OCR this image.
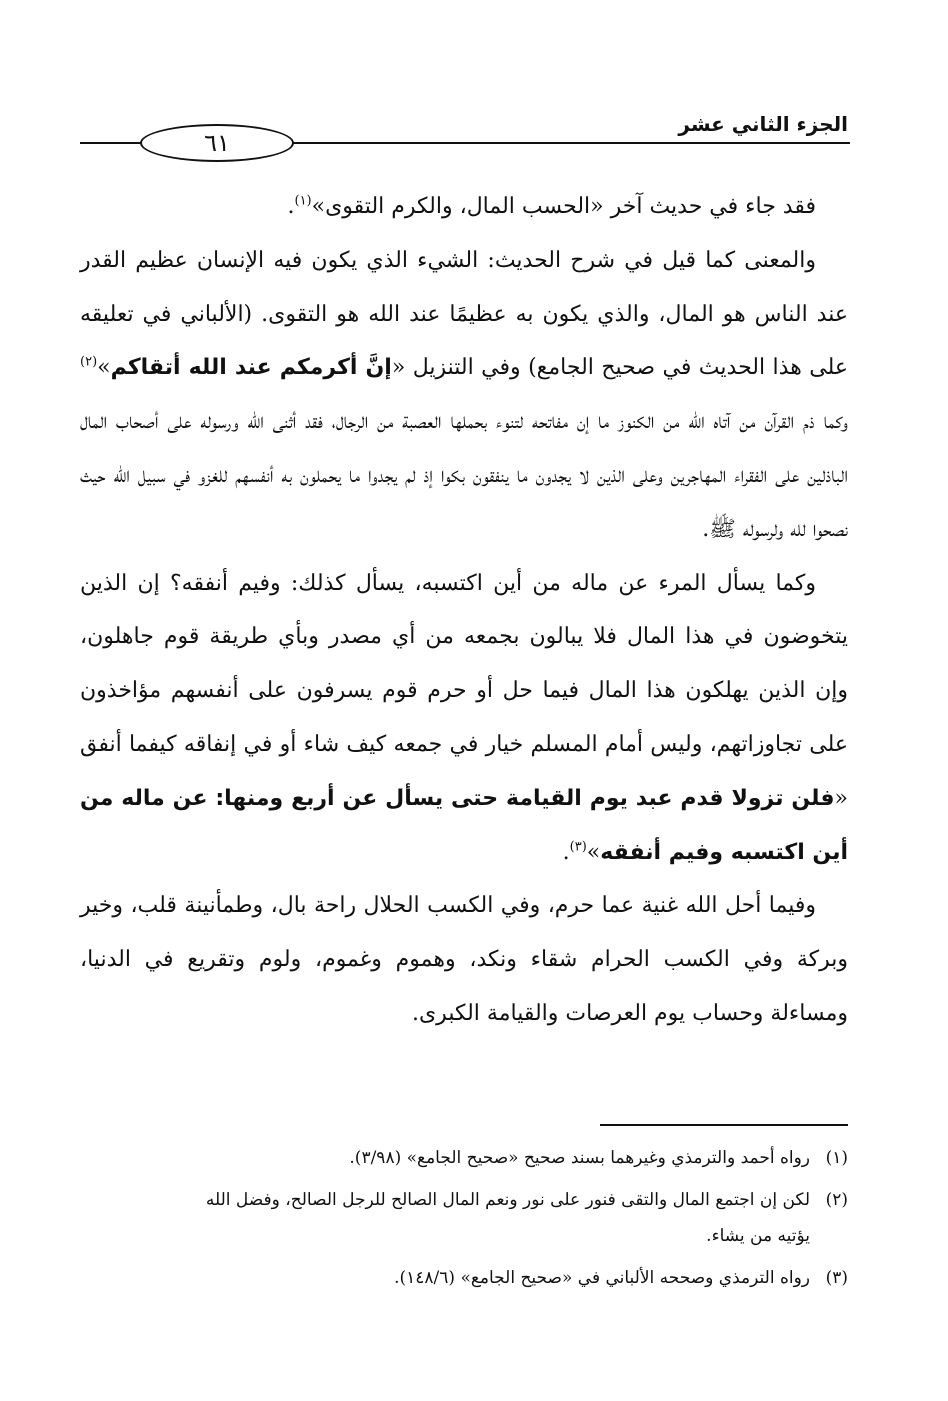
الجزء الثاني عشر
٦١

فقد جاء في حديث آخر «الحسب المال، والكرم التقوى»$^{(١)}$.

والمعنى كما قيل في شرح الحديث: الشيء الذي يكون فيه الإنسان عظيم القدر عند الناس هو المال، والذي يكون به عظيمًا عند الله هو التقوى. (الألباني في تعليقه على هذا الحديث في صحيح الجامع) وفي التنزيل «إنَّ أكرمكم عند الله أتقاكم»$^{(٢)}$ وكما ذم القرآن من آتاه الله من الكنوز ما إن مفاتحه لتنوء بحملها العصبة من الرجال، فقد أثنى الله ورسوله على أصحاب المال الباذلين على الفقراء المهاجرين وعلى الذين لا يجدون ما ينفقون بكوا إذ لم يجدوا ما يحملون به أنفسهم للغزو في سبيل الله حيث نصحوا لله ولرسوله ﷺ.

وكما يسأل المرء عن ماله من أين اكتسبه، يسأل كذلك: وفيم أنفقه؟ إن الذين يتخوضون في هذا المال فلا يبالون بجمعه من أي مصدر وبأي طريقة قوم جاهلون، وإن الذين يهلكون هذا المال فيما حل أو حرم قوم يسرفون على أنفسهم مؤاخذون على تجاوزاتهم، وليس أمام المسلم خيار في جمعه كيف شاء أو في إنفاقه كيفما أنفق «فلن تزولا قدم عبد يوم القيامة حتى يسأل عن أربع ومنها: عن ماله من أين اكتسبه وفيم أنفقه»$^{(٣)}$.

وفيما أحل الله غنية عما حرم، وفي الكسب الحلال راحة بال، وطمأنينة قلب، وخير وبركة وفي الكسب الحرام شقاء ونكد، وهموم وغموم، ولوم وتقريع في الدنيا، ومساءلة وحساب يوم العرصات والقيامة الكبرى.

(١)رواه أحمد والترمذي وغيرهما بسند صحيح «صحيح الجامع» (٣/٩٨).
(٢)لكن إن اجتمع المال والتقى فنور على نور ونعم المال الصالح للرجل الصالح، وفضل الله
يؤتيه من يشاء.
(٣)رواه الترمذي وصححه الألباني في «صحيح الجامع» (١٤٨/٦).
